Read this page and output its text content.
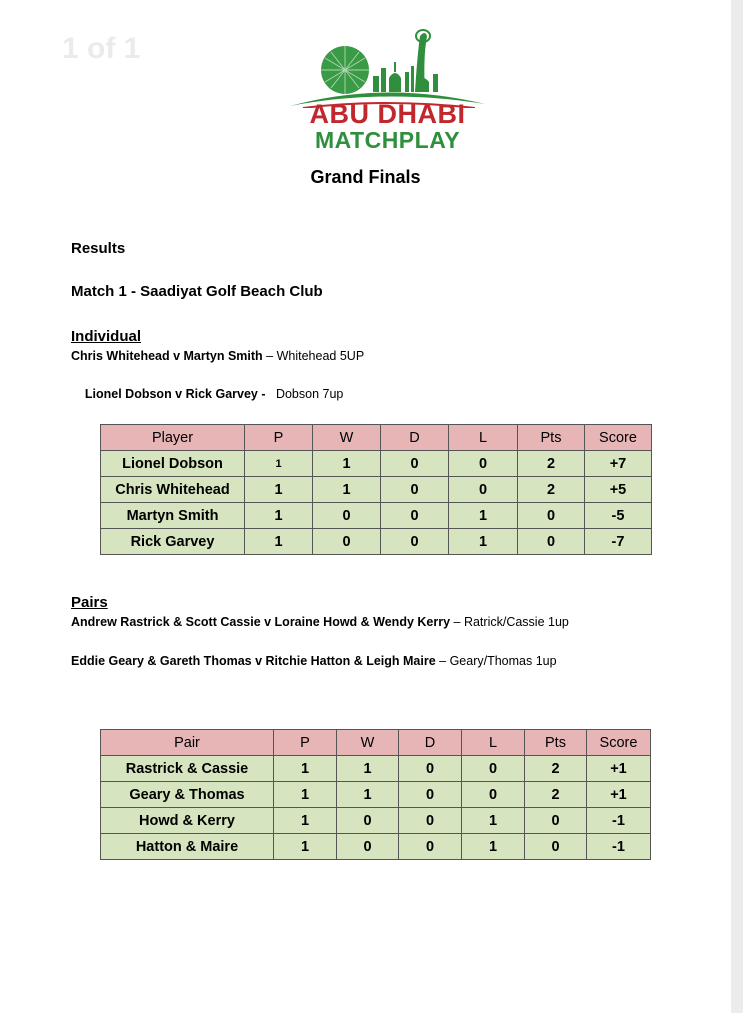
1 of 1
ABU DHABI
MATCHPLAY
Grand Finals
Results
Match 1 - Saadiyat Golf Beach Club
Individual
Chris Whitehead v Martyn Smith – Whitehead 5UP

Lionel Dobson v Rick Garvey - Dobson 7up

Player	P	W	D	L	Pts	Score
Lionel Dobson	1	1	0	0	2	+7
Chris Whitehead	1	1	0	0	2	+5
Martyn Smith	1	0	0	1	0	-5
Rick Garvey	1	0	0	1	0	-7
Pairs
Andrew Rastrick & Scott Cassie v Loraine Howd & Wendy Kerry – Ratrick/Cassie 1up
Eddie Geary & Gareth Thomas v Ritchie Hatton & Leigh Maire – Geary/Thomas 1up
Pair	P	W	D	L	Pts	Score
Rastrick & Cassie	1	1	0	0	2	+1
Geary & Thomas	1	1	0	0	2	+1
Howd & Kerry	1	0	0	1	0	-1
Hatton & Maire	1	0	0	1	0	-1
